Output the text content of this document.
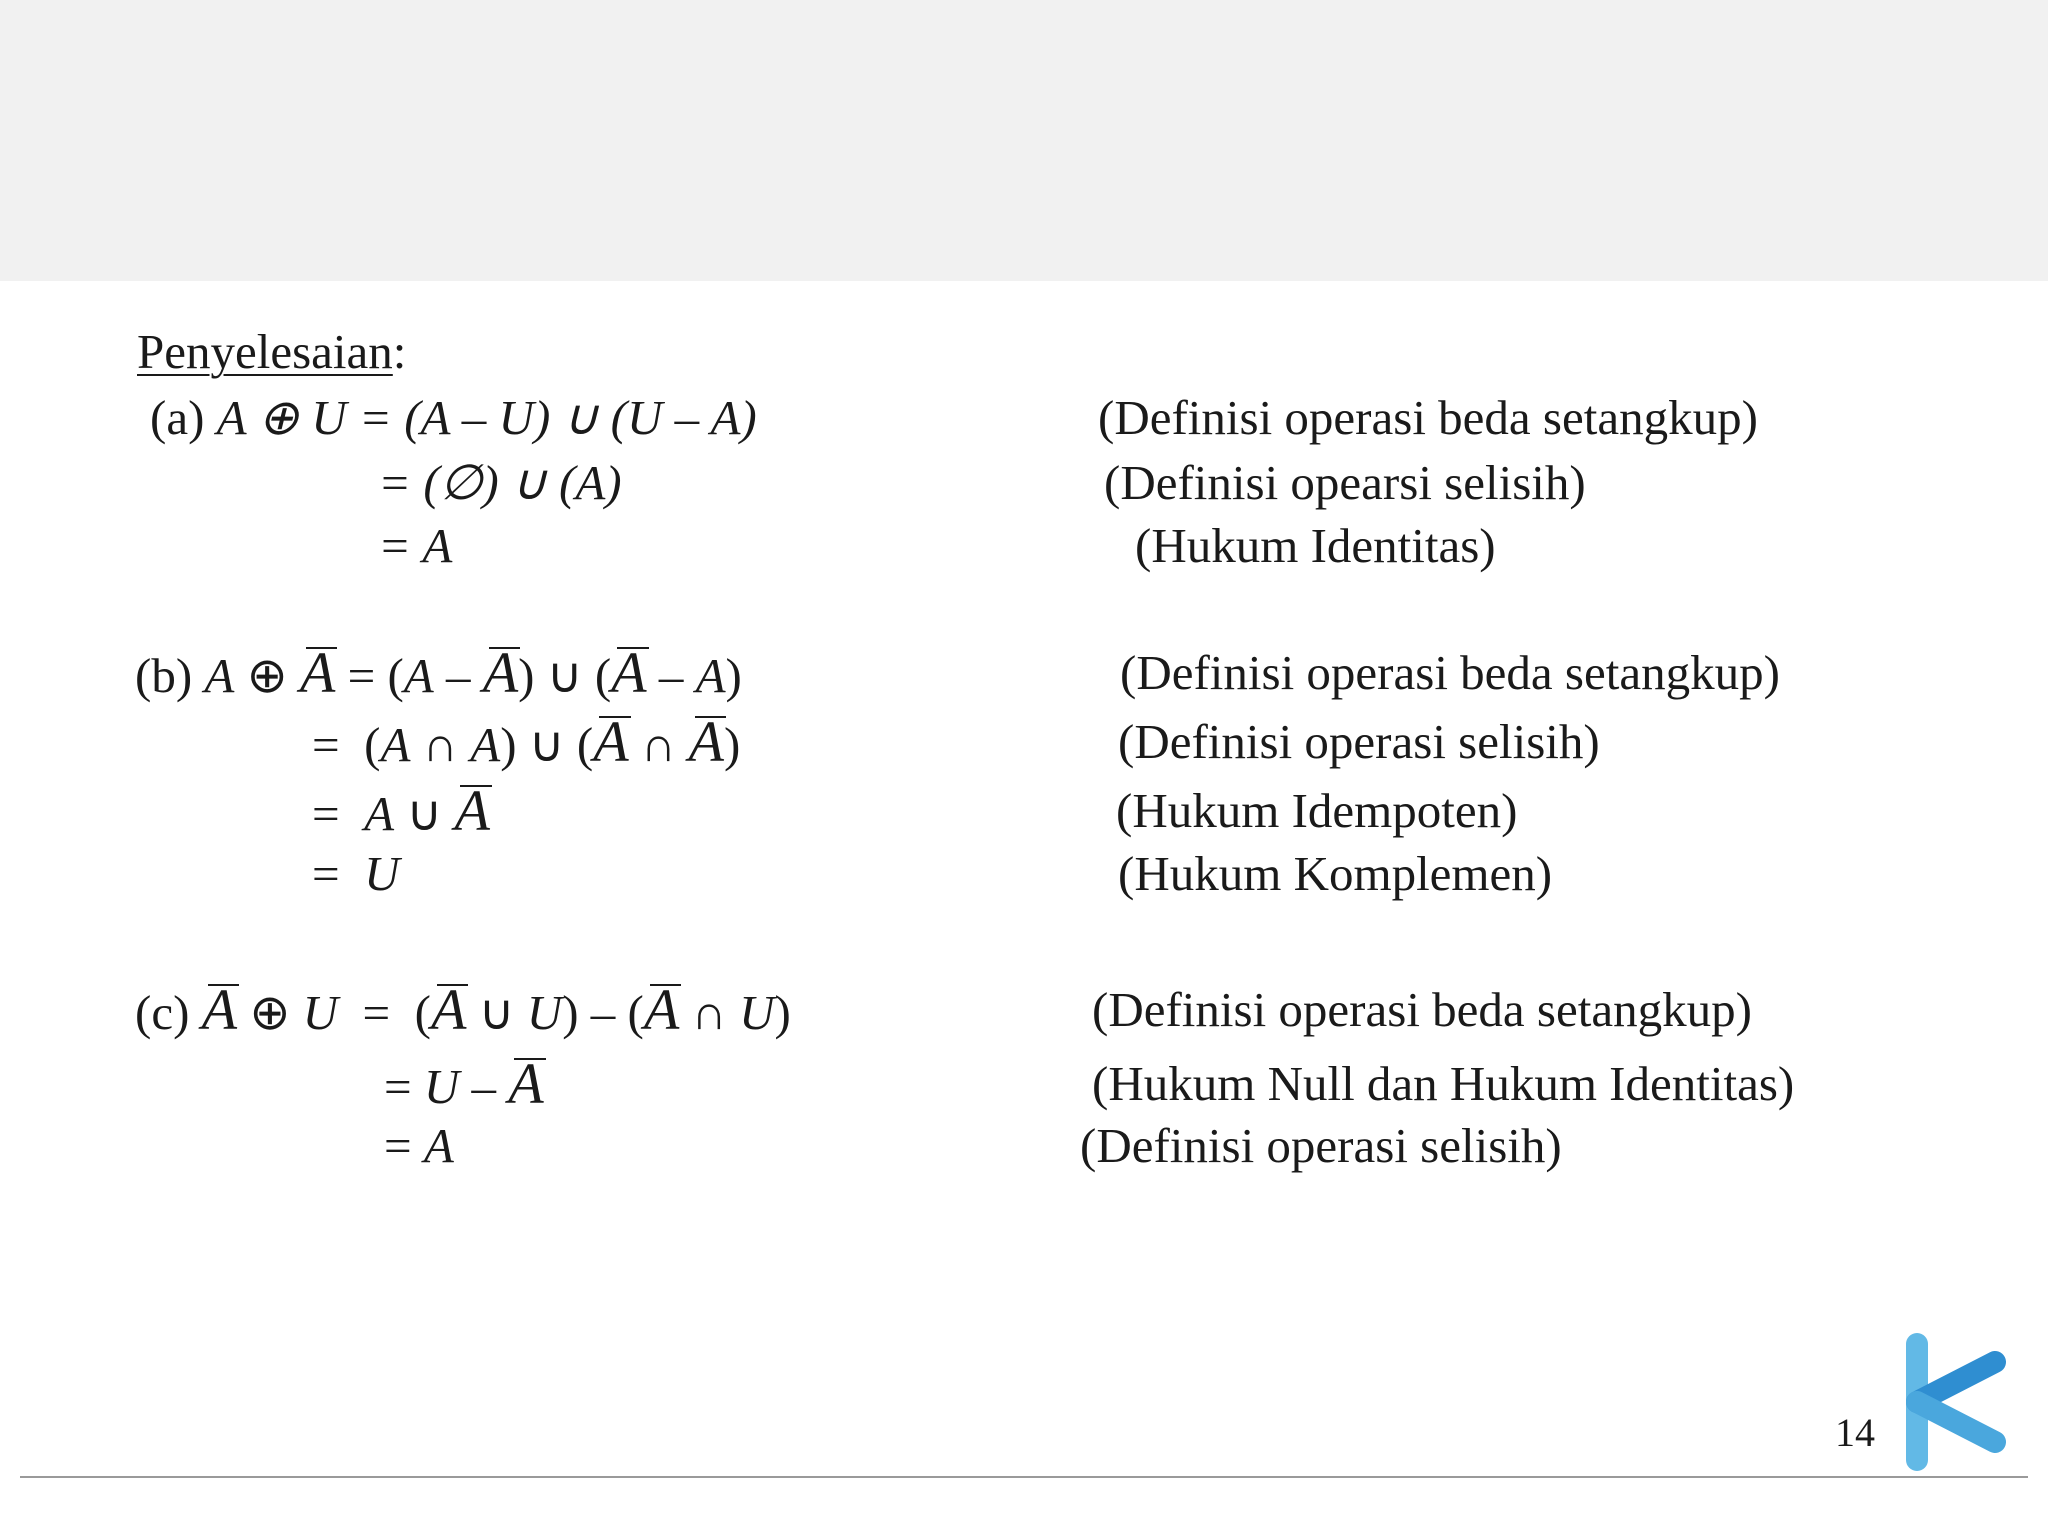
Penyelesaian:
(a) A ⊕ U = (A – U) ∪ (U – A)	(Definisi operasi beda setangkup)
= (∅) ∪ (A)	(Definisi opearsi selisih)
= A	(Hukum Identitas)
(b) A ⊕ A = (A – A) ∪ (A – A)	(Definisi operasi beda setangkup)
=  (A ∩ A) ∪ (A ∩ A)	(Definisi operasi selisih)
=  A ∪ A	(Hukum Idempoten)
=  U	(Hukum Komplemen)
(c) A ⊕ U  =  (A ∪ U) – (A ∩ U)	(Definisi operasi beda setangkup)
= U – A	(Hukum Null dan Hukum Identitas)
= A	(Definisi operasi selisih)
14
